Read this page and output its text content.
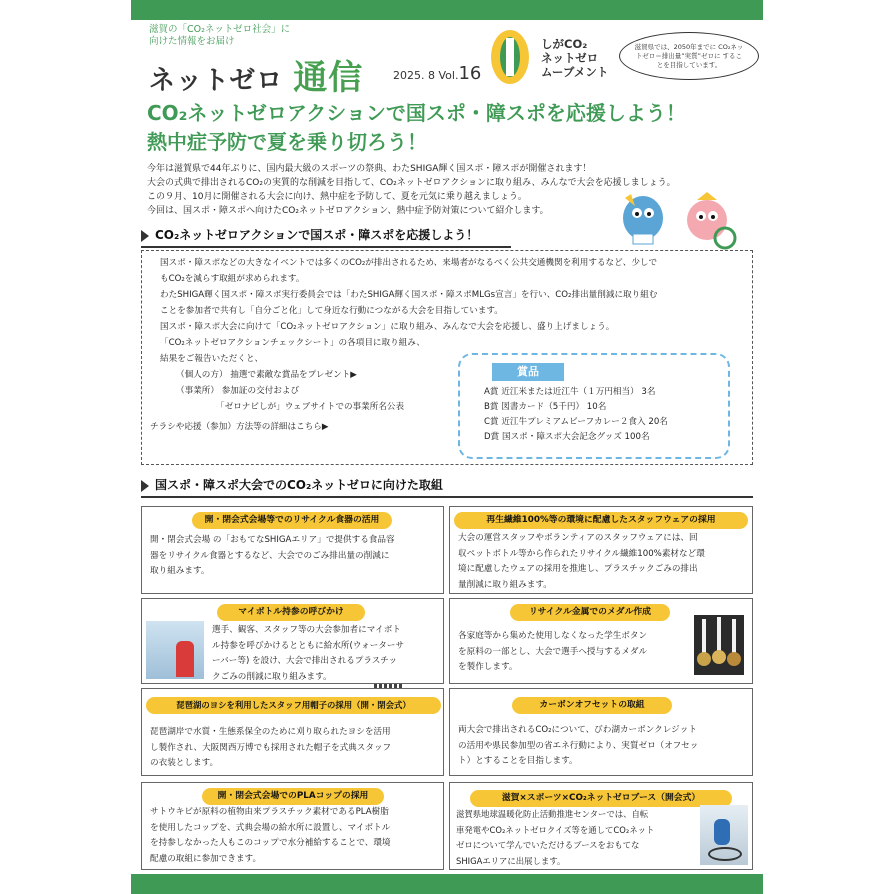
滋賀の「CO₂ネットゼロ社会」に
向けた情報をお届け
ネットゼロ 通信	2025. 8 Vol.16
しがCO₂
ネットゼロ
ムーブメント
滋賀県では、2050年までに CO₂ネットゼロ＝排出量”実質”ゼロに することを目指しています。
CO₂ネットゼロアクションで国スポ・障スポを応援しよう！
熱中症予防で夏を乗り切ろう！
今年は滋賀県で44年ぶりに、国内最大級のスポーツの祭典、わたSHIGA輝く国スポ・障スポが開催されます！
大会の式典で排出されるCO₂の実質的な削減を目指して、CO₂ネットゼロアクションに取り組み、みんなで大会を応援しましょう。
この９月、10月に開催される大会に向け、熱中症を予防して、夏を元気に乗り越えましょう。
今回は、国スポ・障スポへ向けたCO₂ネットゼロアクション、熱中症予防対策について紹介します。
CO₂ネットゼロアクションで国スポ・障スポを応援しよう！
国スポ・障スポなどの大きなイベントでは多くのCO₂が排出されるため、来場者がなるべく公共交通機関を利用するなど、少しで
もCO₂を減らす取組が求められます。
わたSHIGA輝く国スポ・障スポ実行委員会では「わたSHIGA輝く国スポ・障スポMLGs宣言」を行い、CO₂排出量削減に取り組む
ことを参加者で共有し「自分ごと化」して身近な行動につながる大会を目指しています。
国スポ・障スポ大会に向けて「CO₂ネットゼロアクション」に取り組み、みんなで大会を応援し、盛り上げましょう。
「CO₂ネットゼロアクションチェックシート」の各項目に取り組み、
結果をご報告いただくと、
（個人の方） 抽選で素敵な賞品をプレゼント▶
（事業所） 参加証の交付および
「ゼロナビしが」ウェブサイトでの事業所名公表
チラシや応援（参加）方法等の詳細はこちら▶
賞品
A賞 近江米または近江牛（１万円相当） 3名
B賞 図書カード（5千円） 10名
C賞 近江牛プレミアムビーフカレー２食入 20名
D賞 国スポ・障スポ大会記念グッズ 100名
国スポ・障スポ大会でのCO₂ネットゼロに向けた取組
開・閉会式会場等でのリサイクル食器の活用
開・閉会式会場 の「おもてなSHIGAエリア」で提供する食品容
器をリサイクル食器とするなど、大会でのごみ排出量の削減に
取り組みます。
再生繊維100%等の環境に配慮したスタッフウェアの採用
大会の運営スタッフやボランティアのスタッフウェアには、回
収ペットボトル等から作られたリサイクル繊維100%素材など環
境に配慮したウェアの採用を推進し、プラスチックごみの排出
量削減に取り組みます。
マイボトル持参の呼びかけ
選手、観客、スタッフ等の大会参加者にマイボト
ル持参を呼びかけるとともに給水所(ウォーターサ
ーバー等) を設け、大会で排出されるプラスチッ
クごみの削減に取り組みます。
リサイクル金属でのメダル作成
各家庭等から集めた使用しなくなった学生ボタン
を原料の一部とし、大会で選手へ授与するメダル
を製作します。
琵琶湖のヨシを利用したスタッフ用帽子の採用（開・閉会式）
琵琶湖岸で水質・生態系保全のために刈り取られたヨシを活用
し製作され、大阪関西万博でも採用された帽子を式典スタッフ
の衣装とします。
カーボンオフセットの取組
両大会で排出されるCO₂について、びわ湖カーボンクレジット
の活用や県民参加型の省エネ行動により、実質ゼロ（オフセッ
ト）とすることを目指します。
開・閉会式会場でのPLAコップの採用
サトウキビが原料の植物由来プラスチック素材であるPLA樹脂
を使用したコップを、式典会場の給水所に設置し、マイボトル
を持参しなかった人もこのコップで水分補給することで、環境
配慮の取組に参加できます。
滋賀×スポーツ×CO₂ネットゼロブース（開会式）
滋賀県地球温暖化防止活動推進センターでは、自転
車発電やCO₂ネットゼロクイズ等を通してCO₂ネット
ゼロについて学んでいただけるブースをおもてな
SHIGAエリアに出展します。
